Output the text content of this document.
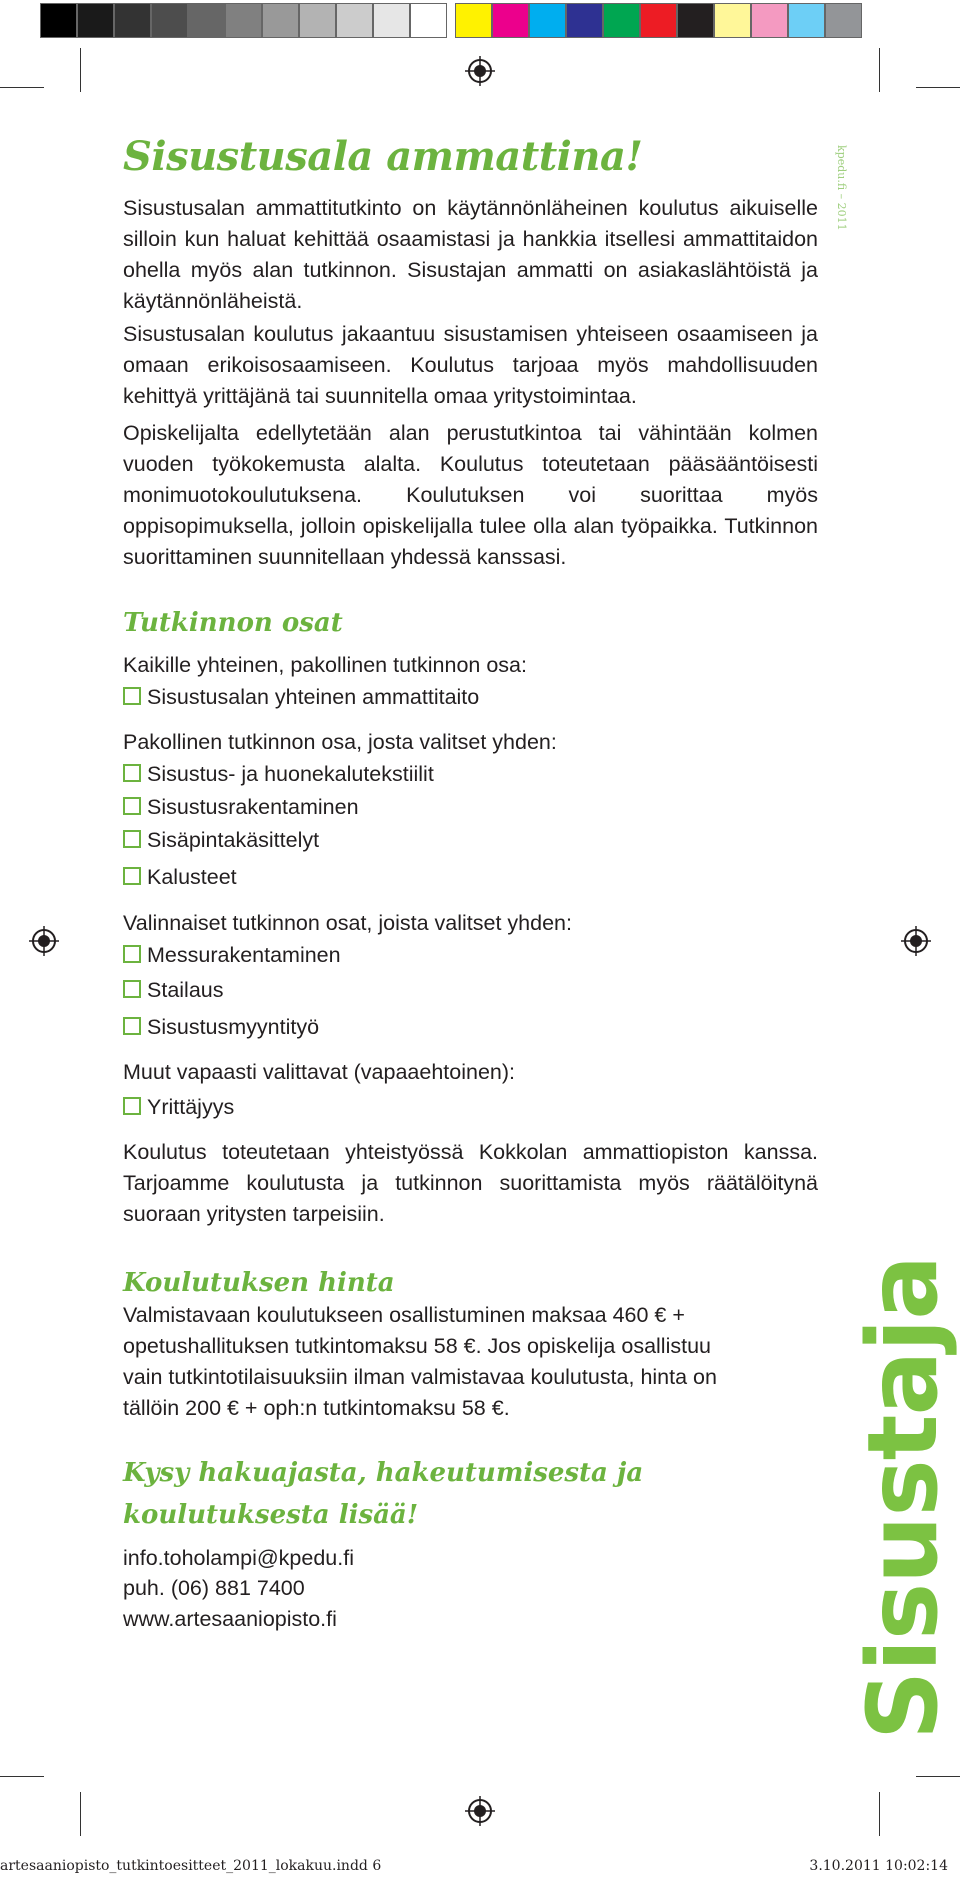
kpedu.fi – 2011
Sisustusala ammattina!

Sisustusalan ammattitutkinto on käytännönläheinen koulutus aikuiselle silloin kun haluat kehittää osaamistasi ja hankkia itsellesi ammattitaidon ohella myös alan tutkinnon. Sisustajan ammatti on asiakaslähtöistä ja käytännönläheistä.

Sisustusalan koulutus jakaantuu sisustamisen yhteiseen osaamiseen ja omaan erikoisosaamiseen. Koulutus tarjoaa myös mahdollisuuden kehittyä yrittäjänä tai suunnitella omaa yritystoimintaa.

Opiskelijalta edellytetään alan perustutkintoa tai vähintään kolmen vuoden työkokemusta alalta. Koulutus toteutetaan pääsääntöisesti monimuotokoulutuksena. Koulutuksen voi suorittaa myös oppisopimuksella, jolloin opiskelijalla tulee olla alan työpaikka. Tutkinnon suorittaminen suunnitellaan yhdessä kanssasi.

Tutkinnon osat

Kaikille yhteinen, pakollinen tutkinnon osa:

Sisustusalan yhteinen ammattitaito

Pakollinen tutkinnon osa, josta valitset yhden:

Sisustus- ja huonekalutekstiilit
Sisustusrakentaminen
Sisäpintakäsittelyt
Kalusteet

Valinnaiset tutkinnon osat, joista valitset yhden:

Messurakentaminen
Stailaus
Sisustusmyyntityö

Muut vapaasti valittavat (vapaaehtoinen):

Yrittäjyys

Koulutus toteutetaan yhteistyössä Kokkolan ammattiopiston kanssa. Tarjoamme koulutusta ja tutkinnon suorittamista myös räätälöitynä suoraan yritysten tarpeisiin.

Koulutuksen hinta

Valmistavaan koulutukseen osallistuminen maksaa 460 € +

opetushallituksen tutkintomaksu 58 €. Jos opiskelija osallistuu

vain tutkintotilaisuuksiin ilman valmistavaa koulutusta, hinta on

tällöin 200 € + oph:n tutkintomaksu 58 €.

Kysy hakuajasta, hakeutumisesta ja
koulutuksesta lisää!

info.toholampi@kpedu.fi

puh. (06) 881 7400

www.artesaaniopisto.fi	Sisustaja
artesaaniopisto_tutkintoesitteet_2011_lokakuu.indd 6	3.10.2011 10:02:14
